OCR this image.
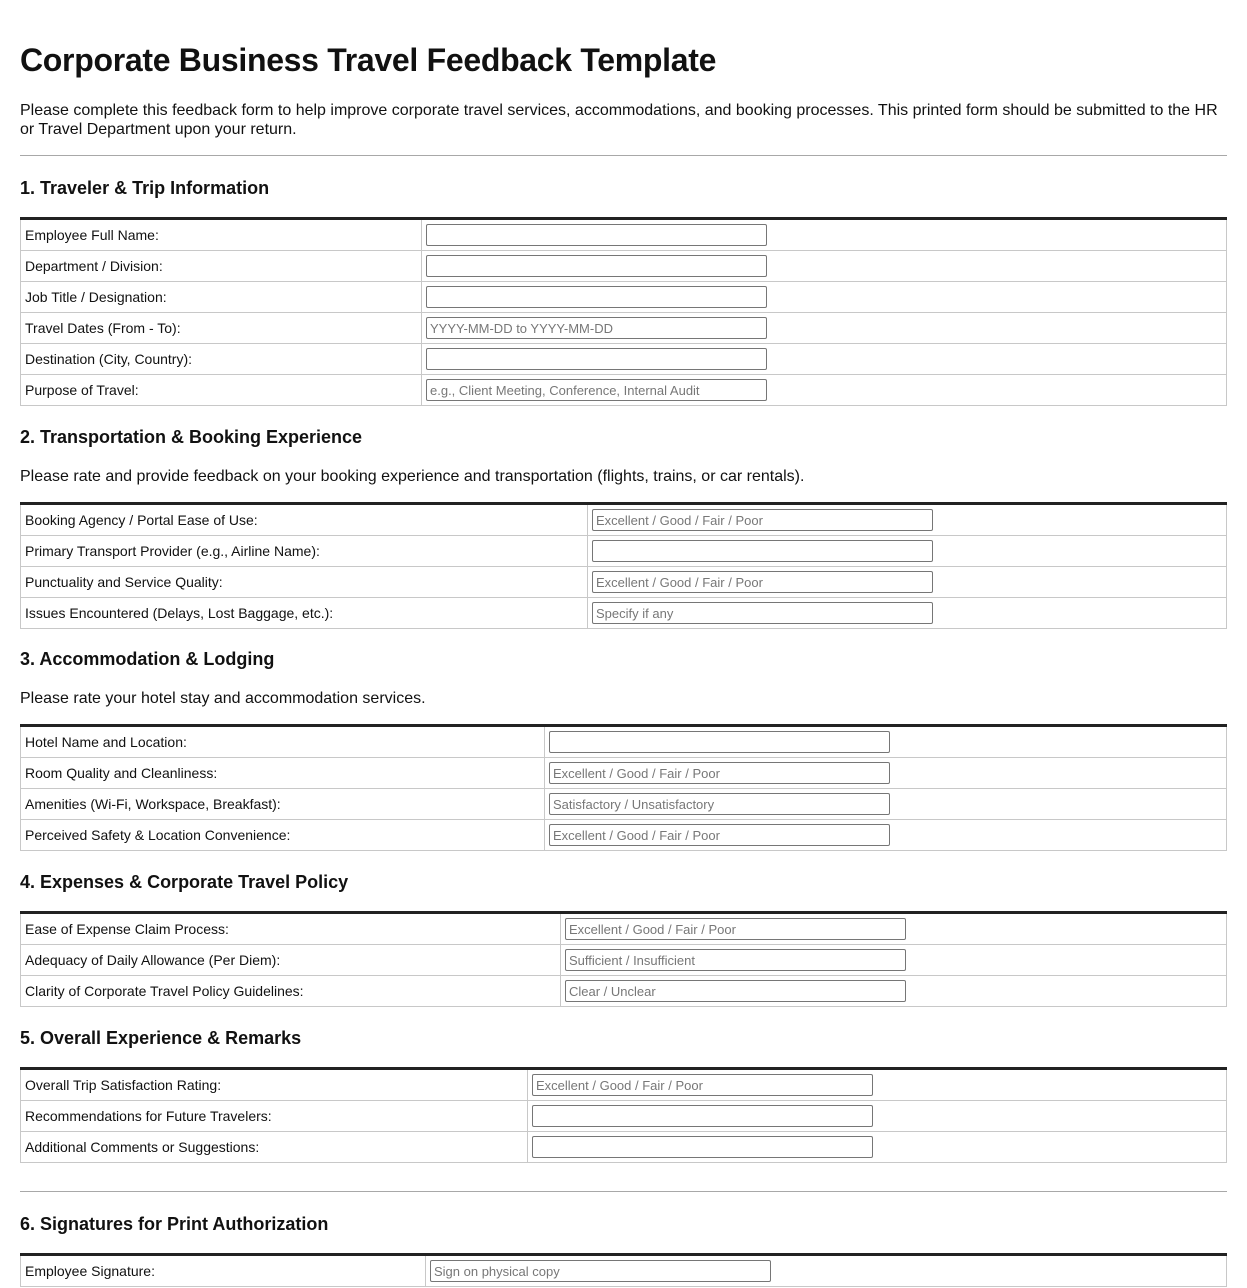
Corporate Business Travel Feedback Template

Please complete this feedback form to help improve corporate travel services, accommodations, and booking processes. This printed form should be submitted to the HR or Travel Department upon your return.

1. Traveler & Trip Information
Employee Full Name:	

Department / Division:	

Job Title / Designation:	

Travel Dates (From - To):	
YYYY-MM-DD to YYYY-MM-DD
Destination (City, Country):	

Purpose of Travel:	
e.g., Client Meeting, Conference, Internal Audit
2. Transportation & Booking Experience

Please rate and provide feedback on your booking experience and transportation (flights, trains, or car rentals).

Booking Agency / Portal Ease of Use:	
Excellent / Good / Fair / Poor
Primary Transport Provider (e.g., Airline Name):	

Punctuality and Service Quality:	
Excellent / Good / Fair / Poor
Issues Encountered (Delays, Lost Baggage, etc.):	
Specify if any
3. Accommodation & Lodging

Please rate your hotel stay and accommodation services.

Hotel Name and Location:	

Room Quality and Cleanliness:	
Excellent / Good / Fair / Poor
Amenities (Wi-Fi, Workspace, Breakfast):	
Satisfactory / Unsatisfactory
Perceived Safety & Location Convenience:	
Excellent / Good / Fair / Poor
4. Expenses & Corporate Travel Policy
Ease of Expense Claim Process:	
Excellent / Good / Fair / Poor
Adequacy of Daily Allowance (Per Diem):	
Sufficient / Insufficient
Clarity of Corporate Travel Policy Guidelines:	
Clear / Unclear
5. Overall Experience & Remarks
Overall Trip Satisfaction Rating:	
Excellent / Good / Fair / Poor
Recommendations for Future Travelers:	

Additional Comments or Suggestions:	
6. Signatures for Print Authorization
Employee Signature:	
Sign on physical copy
